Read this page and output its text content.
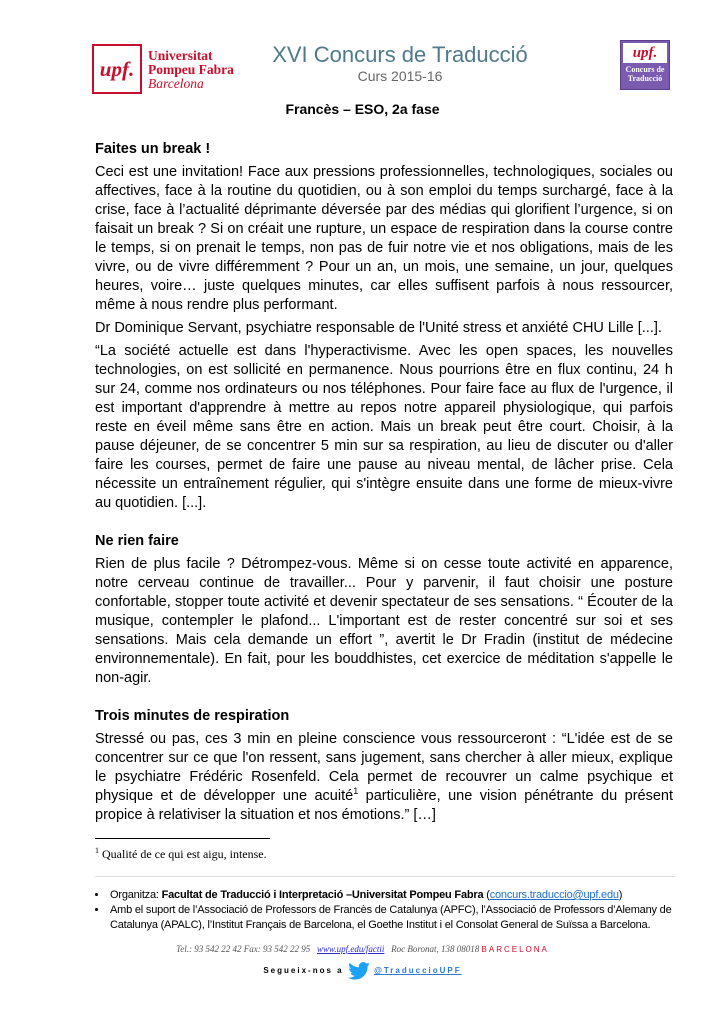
upf.
Universitat
Pompeu Fabra
Barcelona
XVI Concurs de Traducció
Curs 2015-16
upf.
Concurs de
Traducció
Francès – ESO, 2a fase
Faites un break !

Ceci est une invitation! Face aux pressions professionnelles, technologiques, sociales ou affectives, face à la routine du quotidien, ou à son emploi du temps surchargé, face à la crise, face à l’actualité déprimante déversée par des médias qui glorifient l’urgence, si on faisait un break ? Si on créait une rupture, un espace de respiration dans la course contre le temps, si on prenait le temps, non pas de fuir notre vie et nos obligations, mais de les vivre, ou de vivre différemment ? Pour un an, un mois, une semaine, un jour, quelques heures, voire… juste quelques minutes, car elles suffisent parfois à nous ressourcer, même à nous rendre plus performant.

Dr Dominique Servant, psychiatre responsable de l'Unité stress et anxiété CHU Lille [...].

“La société actuelle est dans l'hyperactivisme. Avec les open spaces, les nouvelles technologies, on est sollicité en permanence. Nous pourrions être en flux continu, 24 h sur 24, comme nos ordinateurs ou nos téléphones. Pour faire face au flux de l'urgence, il est important d'apprendre à mettre au repos notre appareil physiologique, qui parfois reste en éveil même sans être en action. Mais un break peut être court. Choisir, à la pause déjeuner, de se concentrer 5 min sur sa respiration, au lieu de discuter ou d'aller faire les courses, permet de faire une pause au niveau mental, de lâcher prise. Cela nécessite un entraînement régulier, qui s'intègre ensuite dans une forme de mieux-vivre au quotidien. [...].

Ne rien faire

Rien de plus facile ? Détrompez-vous. Même si on cesse toute activité en apparence, notre cerveau continue de travailler... Pour y parvenir, il faut choisir une posture confortable, stopper toute activité et devenir spectateur de ses sensations. “ Écouter de la musique, contempler le plafond... L'important est de rester concentré sur soi et ses sensations. Mais cela demande un effort ”, avertit le Dr Fradin (institut de médecine environnementale). En fait, pour les bouddhistes, cet exercice de méditation s'appelle le non-agir.

Trois minutes de respiration

Stressé ou pas, ces 3 min en pleine conscience vous ressourceront : “L'idée est de se concentrer sur ce que l'on ressent, sans jugement, sans chercher à aller mieux, explique le psychiatre Frédéric Rosenfeld. Cela permet de recouvrer un calme psychique et physique et de développer une acuité$^1$ particulière, une vision pénétrante du présent propice à relativiser la situation et nos émotions.” […]

$^1$ Qualité de ce qui est aigu, intense.
• Organitza: Facultat de Traducció i Interpretació –Universitat Pompeu Fabra (concurs.traduccio@upf.edu)
• Amb el suport de l’Associació de Professors de Francès de Catalunya (APFC), l’Associació de Professors d’Alemany de Catalunya (APALC), l’Institut Français de Barcelona, el Goethe Institut i el Consolat General de Suïssa a Barcelona.
Tel.: 93 542 22 42 Fax: 93 542 22 95 www.upf.edu/factii Roc Boronat, 138 08018 BARCELONA
Segueix-nos a	@TraduccioUPF
